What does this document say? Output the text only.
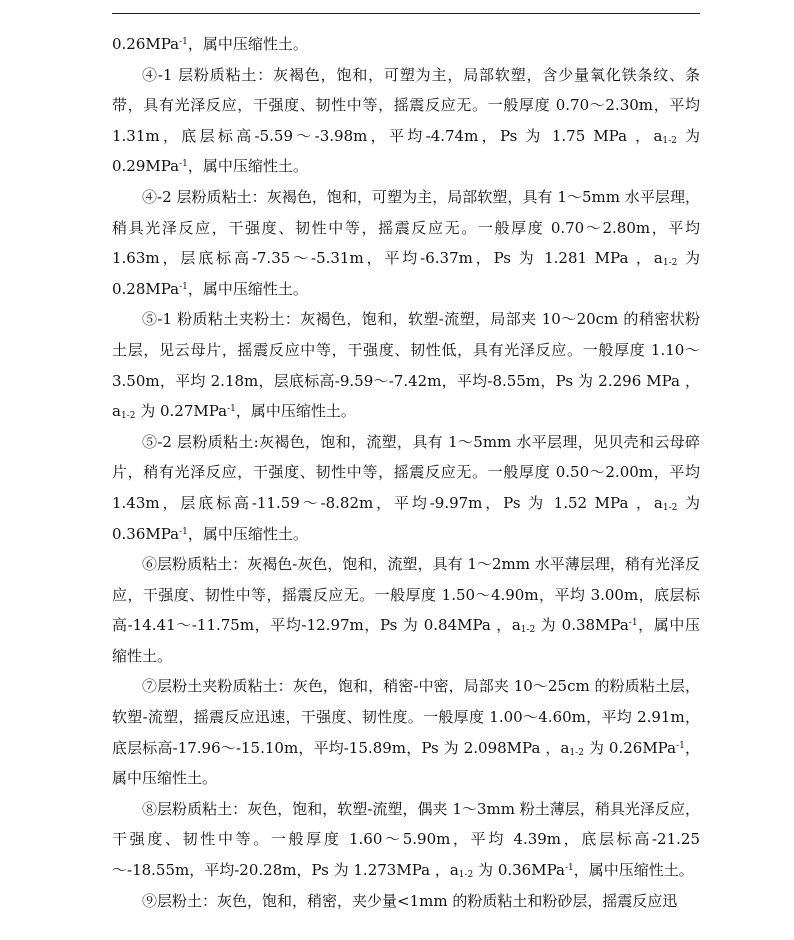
0.26MPa$^{-1}$，属中压缩性土。

④-1 层粉质粘土：灰褐色，饱和，可塑为主，局部软塑，含少量氧化铁条纹、条带，具有光泽反应，干强度、韧性中等，摇震反应无。一般厚度 0.70～2.30m，平均 1.31m，底层标高-5.59～-3.98m，平均-4.74m，Ps 为 1.75 MPa ，$a_{1-2}$ 为 0.29MPa$^{-1}$，属中压缩性土。

④-2 层粉质粘土：灰褐色，饱和，可塑为主，局部软塑，具有 1～5mm 水平层理，稍具光泽反应，干强度、韧性中等，摇震反应无。一般厚度 0.70～2.80m，平均 1.63m，层底标高-7.35～-5.31m，平均-6.37m，Ps 为 1.281 MPa ，$a_{1-2}$ 为 0.28MPa$^{-1}$，属中压缩性土。

⑤-1 粉质粘土夹粉土：灰褐色，饱和，软塑-流塑，局部夹 10～20cm 的稍密状粉土层，见云母片，摇震反应中等，干强度、韧性低，具有光泽反应。一般厚度 1.10～3.50m，平均 2.18m，层底标高-9.59～-7.42m，平均-8.55m，Ps 为 2.296 MPa ，$a_{1-2}$ 为 0.27MPa$^{-1}$，属中压缩性土。

⑤-2 层粉质粘土:灰褐色，饱和，流塑，具有 1～5mm 水平层理，见贝壳和云母碎片，稍有光泽反应，干强度、韧性中等，摇震反应无。一般厚度 0.50～2.00m，平均 1.43m，层底标高-11.59～-8.82m，平均-9.97m，Ps 为 1.52 MPa ，$a_{1-2}$ 为 0.36MPa$^{-1}$，属中压缩性土。

⑥层粉质粘土：灰褐色-灰色，饱和，流塑，具有 1～2mm 水平薄层理，稍有光泽反应，干强度、韧性中等，摇震反应无。一般厚度 1.50～4.90m，平均 3.00m，底层标高-14.41～-11.75m，平均-12.97m，Ps 为 0.84MPa ，$a_{1-2}$ 为 0.38MPa$^{-1}$，属中压缩性土。

⑦层粉土夹粉质粘土：灰色，饱和，稍密-中密，局部夹 10～25cm 的粉质粘土层，软塑-流塑，摇震反应迅速，干强度、韧性度。一般厚度 1.00～4.60m，平均 2.91m，底层标高-17.96～-15.10m，平均-15.89m，Ps 为 2.098MPa ，$a_{1-2}$ 为 0.26MPa$^{-1}$，属中压缩性土。

⑧层粉质粘土：灰色，饱和，软塑-流塑，偶夹 1～3mm 粉土薄层，稍具光泽反应，干强度、韧性中等。一般厚度 1.60～5.90m，平均 4.39m，底层标高-21.25～-18.55m，平均-20.28m，Ps 为 1.273MPa ，$a_{1-2}$ 为 0.36MPa$^{-1}$，属中压缩性土。

⑨层粉土：灰色，饱和，稍密，夹少量<1mm 的粉质粘土和粉砂层，摇震反应迅
